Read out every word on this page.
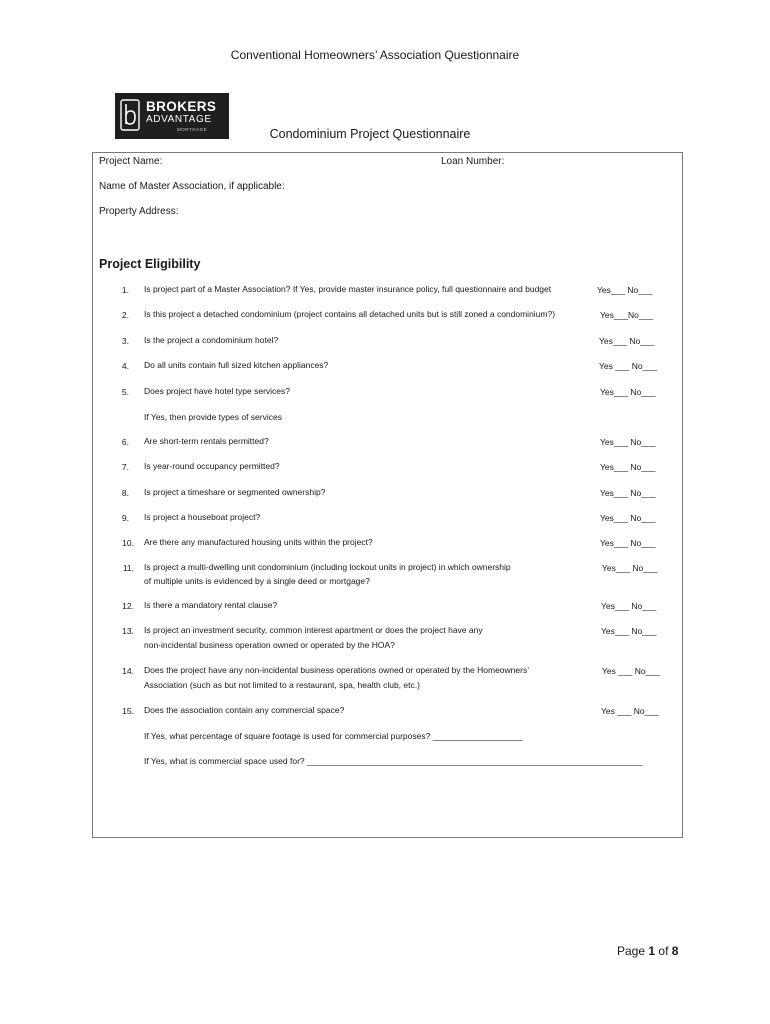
Conventional Homeowners’ Association Questionnaire
BROKERS
ADVANTAGE
MORTGAGE	Condominium Project Questionnaire
Project Name:	Loan Number:
Name of Master Association, if applicable:
Property Address:
Project Eligibility
1. Is project part of a Master Association? If Yes, provide master insurance policy, full questionnaire and budget	Yes___ No___
2. Is this project a detached condominium (project contains all detached units but is still zoned a condominium?)	Yes___No___
3. Is the project a condominium hotel?	Yes___ No___
4. Do all units contain full sized kitchen appliances?	Yes ___ No___
5. Does project have hotel type services?	Yes___ No___
If Yes, then provide types of services
6. Are short-term rentals permitted?	Yes___ No___
7. Is year-round occupancy permitted?	Yes___ No___
8. Is project a timeshare or segmented ownership?	Yes___ No___
9. Is project a houseboat project?	Yes___ No___
10. Are there any manufactured housing units within the project?	Yes___ No___
11. Is project a multi-dwelling unit condominium (including lockout units in project) in which ownership
of multiple units is evidenced by a single deed or mortgage?
Yes___ No___
12. Is there a mandatory rental clause?	Yes___ No___
13. Is project an investment security, common interest apartment or does the project have any
non-incidental business operation owned or operated by the HOA?
Yes___ No___
14. Does the project have any non-incidental business operations owned or operated by the Homeowners’
Association (such as but not limited to a restaurant, spa, health club, etc.)
Yes ___ No___
15. Does the association contain any commercial space?	Yes ___ No___
If Yes, what percentage of square footage is used for commercial purposes? ___________________
If Yes, what is commercial space used for? _______________________________________________________________________
Page 1 of 8
